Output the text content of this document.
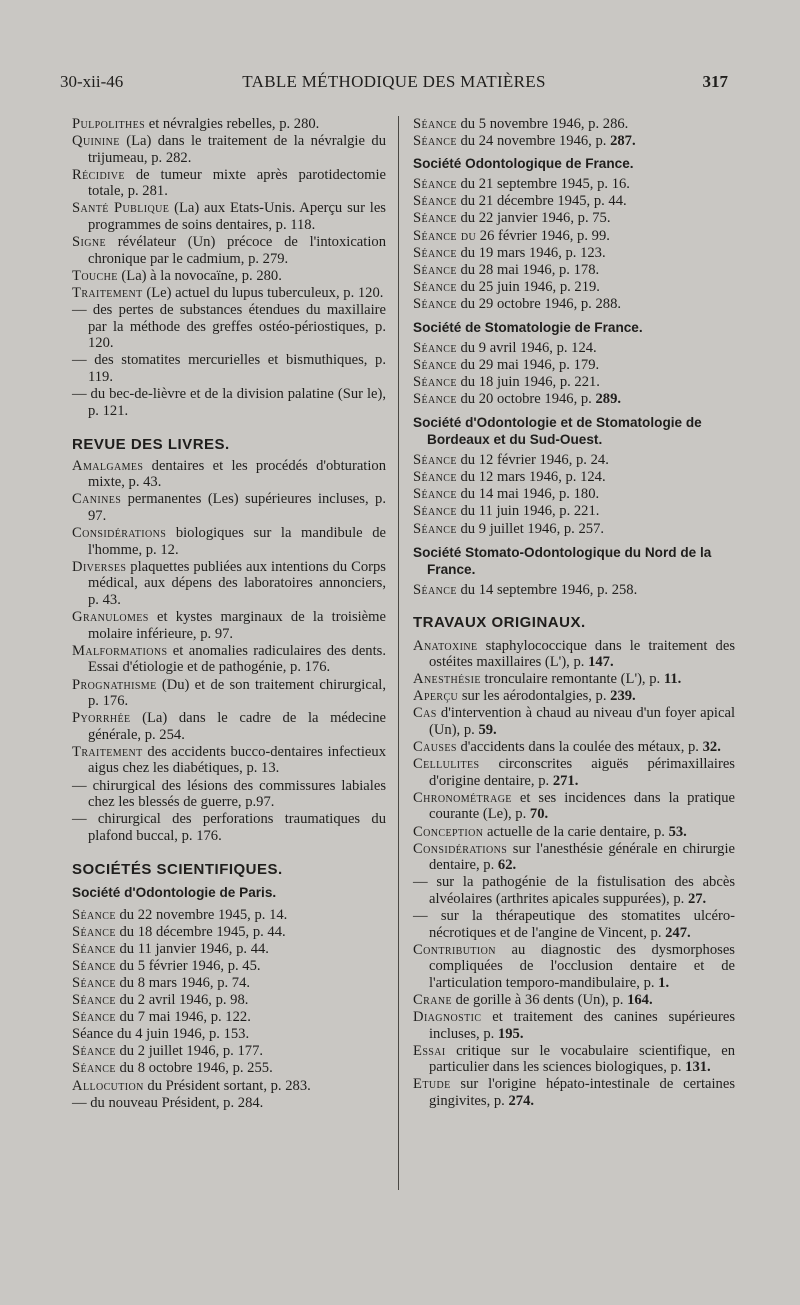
30-xii-46	TABLE MÉTHODIQUE DES MATIÈRES	317

Pulpolithes et névralgies rebelles, p. 280.

Quinine (La) dans le traitement de la névralgie du trijumeau, p. 282.

Récidive de tumeur mixte après parotidectomie totale, p. 281.

Santé Publique (La) aux Etats-Unis. Aperçu sur les programmes de soins dentaires, p. 118.

Signe révélateur (Un) précoce de l'intoxication chronique par le cadmium, p. 279.

Touche (La) à la novocaïne, p. 280.

Traitement (Le) actuel du lupus tuberculeux, p. 120.

— des pertes de substances étendues du maxillaire par la méthode des greffes ostéo-périostiques, p. 120.

— des stomatites mercurielles et bismuthiques, p. 119.

— du bec-de-lièvre et de la division palatine (Sur le), p. 121.

REVUE DES LIVRES.

Amalgames dentaires et les procédés d'obturation mixte, p. 43.

Canines permanentes (Les) supérieures incluses, p. 97.

Considérations biologiques sur la mandibule de l'homme, p. 12.

Diverses plaquettes publiées aux intentions du Corps médical, aux dépens des laboratoires annonciers, p. 43.

Granulomes et kystes marginaux de la troisième molaire inférieure, p. 97.

Malformations et anomalies radiculaires des dents. Essai d'étiologie et de pathogénie, p. 176.

Prognathisme (Du) et de son traitement chirurgical, p. 176.

Pyorrhée (La) dans le cadre de la médecine générale, p. 254.

Traitement des accidents bucco-dentaires infectieux aigus chez les diabétiques, p. 13.

— chirurgical des lésions des commissures labiales chez les blessés de guerre, p.97.

— chirurgical des perforations traumatiques du plafond buccal, p. 176.

SOCIÉTÉS SCIENTIFIQUES.
Société d'Odontologie de Paris.

Séance du 22 novembre 1945, p. 14.

Séance du 18 décembre 1945, p. 44.

Séance du 11 janvier 1946, p. 44.

Séance du 5 février 1946, p. 45.

Séance du 8 mars 1946, p. 74.

Séance du 2 avril 1946, p. 98.

Séance du 7 mai 1946, p. 122.

Séance du 4 juin 1946, p. 153.

Séance du 2 juillet 1946, p. 177.

Séance du 8 octobre 1946, p. 255.

Allocution du Président sortant, p. 283.

— du nouveau Président, p. 284.

Séance du 5 novembre 1946, p. 286.

Séance du 24 novembre 1946, p. 287.

Société Odontologique de France.

Séance du 21 septembre 1945, p. 16.

Séance du 21 décembre 1945, p. 44.

Séance du 22 janvier 1946, p. 75.

Séance du 26 février 1946, p. 99.

Séance du 19 mars 1946, p. 123.

Séance du 28 mai 1946, p. 178.

Séance du 25 juin 1946, p. 219.

Séance du 29 octobre 1946, p. 288.

Société de Stomatologie de France.

Séance du 9 avril 1946, p. 124.

Séance du 29 mai 1946, p. 179.

Séance du 18 juin 1946, p. 221.

Séance du 20 octobre 1946, p. 289.

Société d'Odontologie et de Stomatologie de Bordeaux et du Sud-Ouest.

Séance du 12 février 1946, p. 24.

Séance du 12 mars 1946, p. 124.

Séance du 14 mai 1946, p. 180.

Séance du 11 juin 1946, p. 221.

Séance du 9 juillet 1946, p. 257.

Société Stomato-Odontologique du Nord de la France.

Séance du 14 septembre 1946, p. 258.

TRAVAUX ORIGINAUX.

Anatoxine staphylococcique dans le traitement des ostéites maxillaires (L'), p. 147.

Anesthésie tronculaire remontante (L'), p. 11.

Aperçu sur les aérodontalgies, p. 239.

Cas d'intervention à chaud au niveau d'un foyer apical (Un), p. 59.

Causes d'accidents dans la coulée des métaux, p. 32.

Cellulites circonscrites aiguës périmaxillaires d'origine dentaire, p. 271.

Chronométrage et ses incidences dans la pratique courante (Le), p. 70.

Conception actuelle de la carie dentaire, p. 53.

Considérations sur l'anesthésie générale en chirurgie dentaire, p. 62.

— sur la pathogénie de la fistulisation des abcès alvéolaires (arthrites apicales suppurées), p. 27.

— sur la thérapeutique des stomatites ulcéro-nécrotiques et de l'angine de Vincent, p. 247.

Contribution au diagnostic des dysmorphoses compliquées de l'occlusion dentaire et de l'articulation temporo-mandibulaire, p. 1.

Crane de gorille à 36 dents (Un), p. 164.

Diagnostic et traitement des canines supérieures incluses, p. 195.

Essai critique sur le vocabulaire scientifique, en particulier dans les sciences biologiques, p. 131.

Etude sur l'origine hépato-intestinale de certaines gingivites, p. 274.
